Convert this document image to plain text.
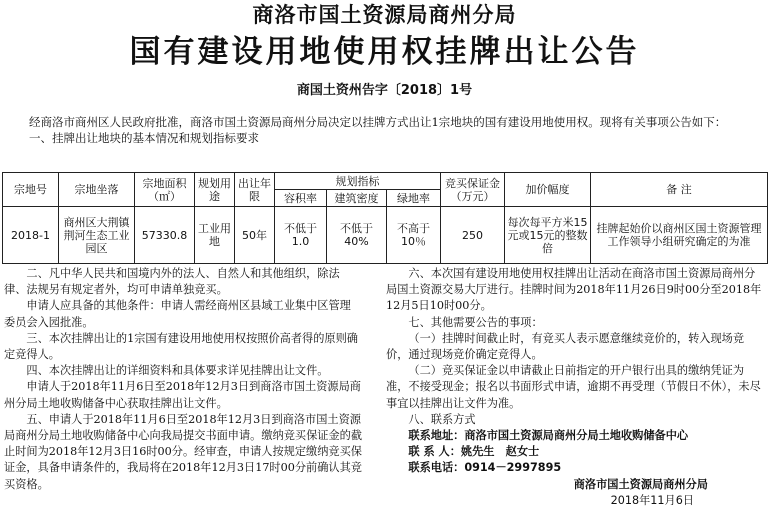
商洛市国土资源局商州分局
国有建设用地使用权挂牌出让公告
商国土资州告字〔2018〕1号

经商洛市商州区人民政府批准，商洛市国土资源局商州分局决定以挂牌方式出让1宗地块的国有建设用地使用权。现将有关事项公告如下：

一、挂牌出让地块的基本情况和规划指标要求

宗地号	宗地坐落	宗地面积（㎡）	规划用途	出让年限	规划指标			竞买保证金（万元）	加价幅度	备 注
					容积率	建筑密度	绿地率			
2018-1	商州区大荆镇荆河生态工业园区	57330.8	工业用地	50年	不低于1.0	不低于40%	不高于10％	250	每次每平方米15元或15元的整数倍	挂牌起始价以商州区国土资源管理工作领导小组研究确定的为准

二、凡中华人民共和国境内外的法人、自然人和其他组织，除法律、法规另有规定者外，均可申请单独竞买。

申请人应具备的其他条件：申请人需经商州区县域工业集中区管理委员会入园批准。

三、本次挂牌出让的1宗国有建设用地使用权按照价高者得的原则确定竞得人。

四、本次挂牌出让的详细资料和具体要求详见挂牌出让文件。

申请人于2018年11月6日至2018年12月3日到商洛市国土资源局商州分局土地收购储备中心获取挂牌出让文件。

五、申请人于2018年11月6日至2018年12月3日到商洛市国土资源局商州分局土地收购储备中心向我局提交书面申请。缴纳竞买保证金的截止时间为2018年12月3日16时00分。经审查，申请人按规定缴纳竞买保证金，具备申请条件的，我局将在2018年12月3日17时00分前确认其竞买资格。

六、本次国有建设用地使用权挂牌出让活动在商洛市国土资源局商州分局国土资源交易大厅进行。挂牌时间为2018年11月26日9时00分至2018年12月5日10时00分。

七、其他需要公告的事项：

（一）挂牌时间截止时，有竞买人表示愿意继续竞价的，转入现场竞价，通过现场竞价确定竞得人。

（二）竞买保证金以申请截止日前指定的开户银行出具的缴纳凭证为准，不接受现金；报名以书面形式申请，逾期不再受理（节假日不休），未尽事宜以挂牌出让文件为准。

八、联系方式

联系地址：商洛市国土资源局商州分局土地收购储备中心

联 系 人：姚先生　赵女士

联系电话：0914－2997895

商洛市国土资源局商州分局

2018年11月6日
